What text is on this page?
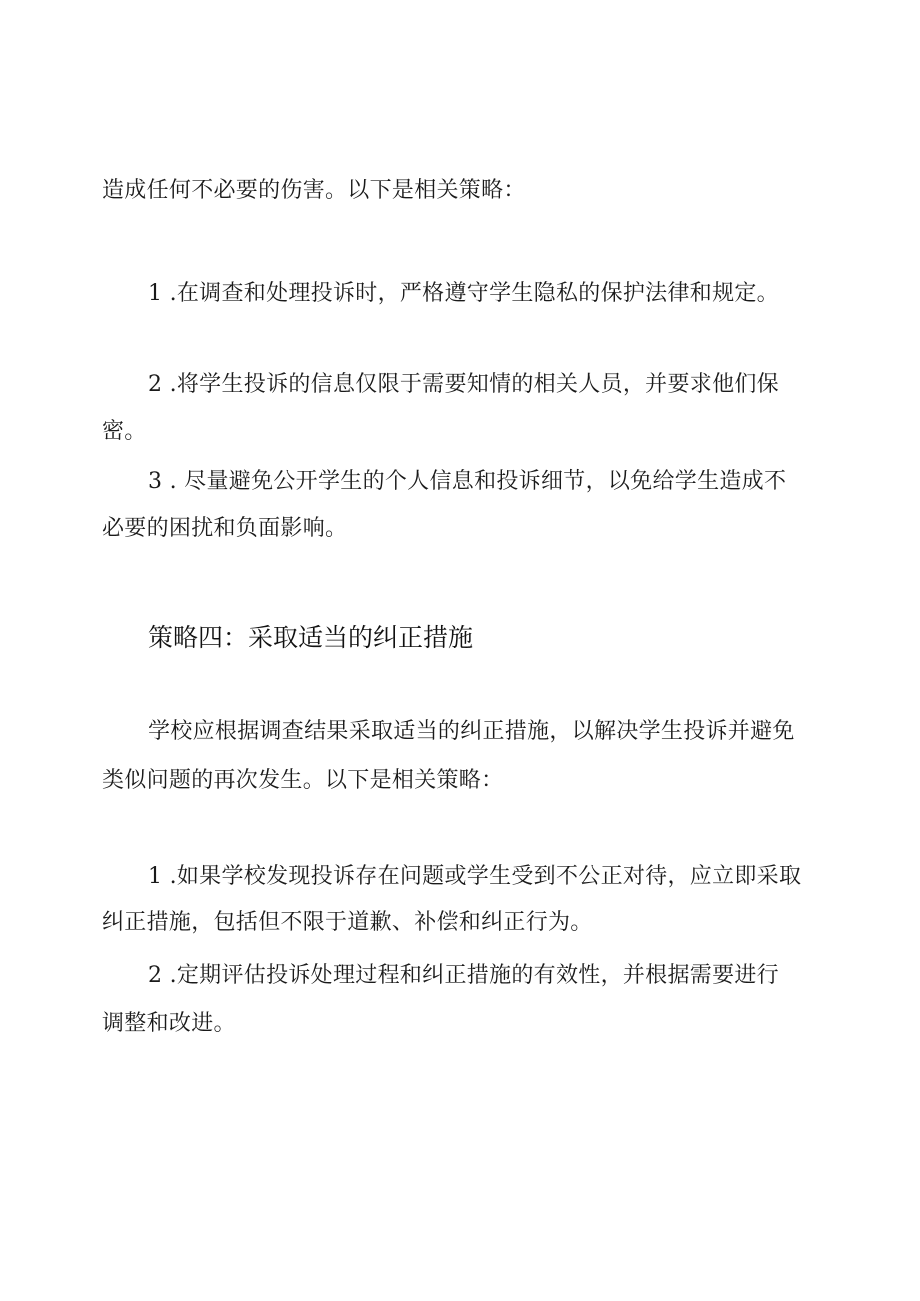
造成任何不必要的伤害。以下是相关策略：
1 .在调查和处理投诉时，严格遵守学生隐私的保护法律和规定。
2 .将学生投诉的信息仅限于需要知情的相关人员，并要求他们保
密。
3 . 尽量避免公开学生的个人信息和投诉细节，以免给学生造成不
必要的困扰和负面影响。
策略四：采取适当的纠正措施
学校应根据调查结果采取适当的纠正措施，以解决学生投诉并避免
类似问题的再次发生。以下是相关策略：
1 .如果学校发现投诉存在问题或学生受到不公正对待，应立即采取
纠正措施，包括但不限于道歉、补偿和纠正行为。
2 .定期评估投诉处理过程和纠正措施的有效性，并根据需要进行
调整和改进。
